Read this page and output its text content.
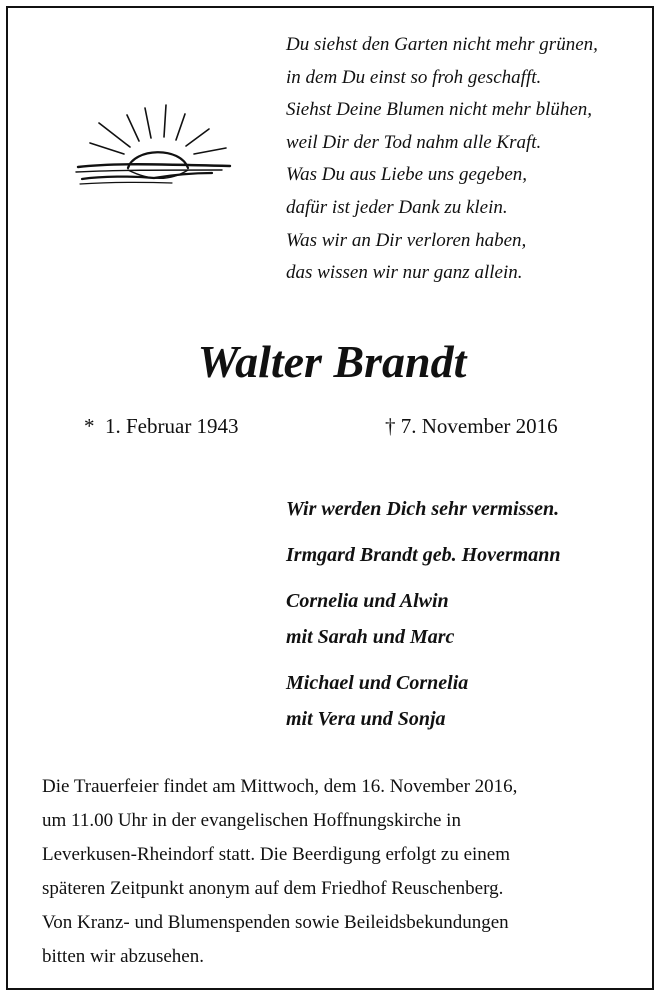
Du siehst den Garten nicht mehr grünen,
in dem Du einst so froh geschafft.
Siehst Deine Blumen nicht mehr blühen,
weil Dir der Tod nahm alle Kraft.
Was Du aus Liebe uns gegeben,
dafür ist jeder Dank zu klein.
Was wir an Dir verloren haben,
das wissen wir nur ganz allein.
Walter Brandt
*  1. Februar 1943	† 7. November 2016
Wir werden Dich sehr vermissen.
Irmgard Brandt geb. Hovermann
Cornelia und Alwin
mit Sarah und Marc
Michael und Cornelia
mit Vera und Sonja
Die Trauerfeier findet am Mittwoch, dem 16. November 2016,
um 11.00 Uhr in der evangelischen Hoffnungskirche in
Leverkusen-Rheindorf statt. Die Beerdigung erfolgt zu einem
späteren Zeitpunkt anonym auf dem Friedhof Reuschenberg.
Von Kranz- und Blumenspenden sowie Beileidsbekundungen
bitten wir abzusehen.
